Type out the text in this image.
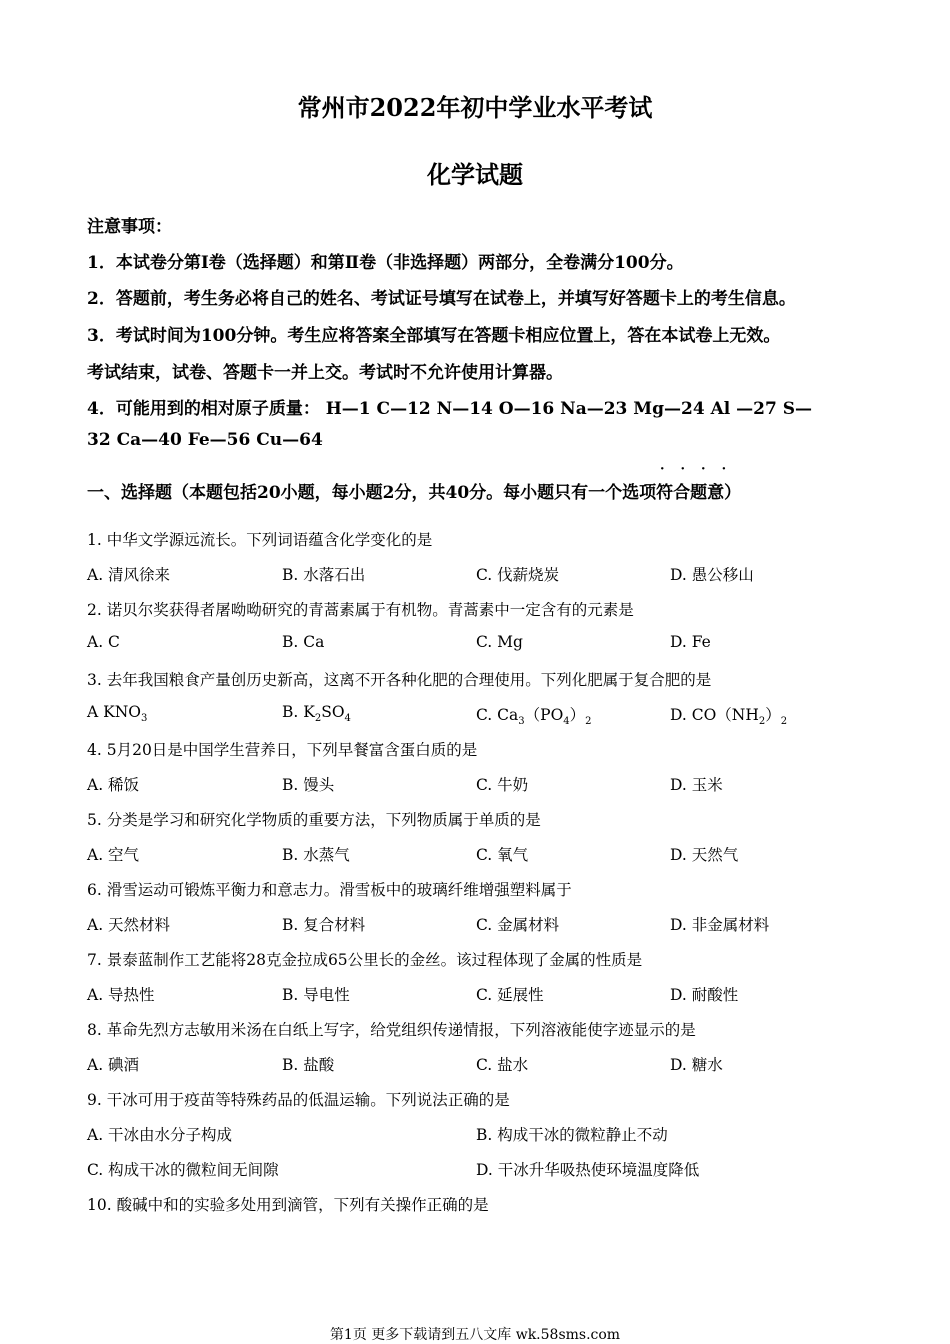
常州市2022年初中学业水平考试
化学试题
注意事项：
1．本试卷分第Ⅰ卷（选择题）和第Ⅱ卷（非选择题）两部分，全卷满分100分。
2．答题前，考生务必将自己的姓名、考试证号填写在试卷上，并填写好答题卡上的考生信息。
3．考试时间为100分钟。考生应将答案全部填写在答题卡相应位置上，答在本试卷上无效。
考试结束，试卷、答题卡一并上交。考试时不允许使用计算器。
4．可能用到的相对原子质量： H—1 C—12 N—14 O—16 Na—23 Mg—24 Al —27 S—
32 Ca—40 Fe—56 Cu—64
····
一、选择题（本题包括20小题，每小题2分，共40分。每小题只有一个选项符合题意）
1. 中华文学源远流长。下列词语蕴含化学变化的是
A. 清风徐来	B. 水落石出	C. 伐薪烧炭	D. 愚公移山
2. 诺贝尔奖获得者屠呦呦研究的青蒿素属于有机物。青蒿素中一定含有的元素是
A. C	B. Ca	C. Mg	D. Fe
3. 去年我国粮食产量创历史新高，这离不开各种化肥的合理使用。下列化肥属于复合肥的是
A $KNO_3$	B. $K_2SO_4$	C. $Ca_3(PO_4)_2$	D. $CO(NH_2)_2$
4. 5月20日是中国学生营养日，下列早餐富含蛋白质的是
A. 稀饭	B. 馒头	C. 牛奶	D. 玉米
5. 分类是学习和研究化学物质的重要方法，下列物质属于单质的是
A. 空气	B. 水蒸气	C. 氧气	D. 天然气
6. 滑雪运动可锻炼平衡力和意志力。滑雪板中的玻璃纤维增强塑料属于
A. 天然材料	B. 复合材料	C. 金属材料	D. 非金属材料
7. 景泰蓝制作工艺能将28克金拉成65公里长的金丝。该过程体现了金属的性质是
A. 导热性	B. 导电性	C. 延展性	D. 耐酸性
8. 革命先烈方志敏用米汤在白纸上写字，给党组织传递情报，下列溶液能使字迹显示的是
A. 碘酒	B. 盐酸	C. 盐水	D. 糖水
9. 干冰可用于疫苗等特殊药品的低温运输。下列说法正确的是
A. 干冰由水分子构成	B. 构成干冰的微粒静止不动
C. 构成干冰的微粒间无间隙	D. 干冰升华吸热使环境温度降低
10. 酸碱中和的实验多处用到滴管，下列有关操作正确的是
第1页 更多下载请到五八文库 wk.58sms.com
